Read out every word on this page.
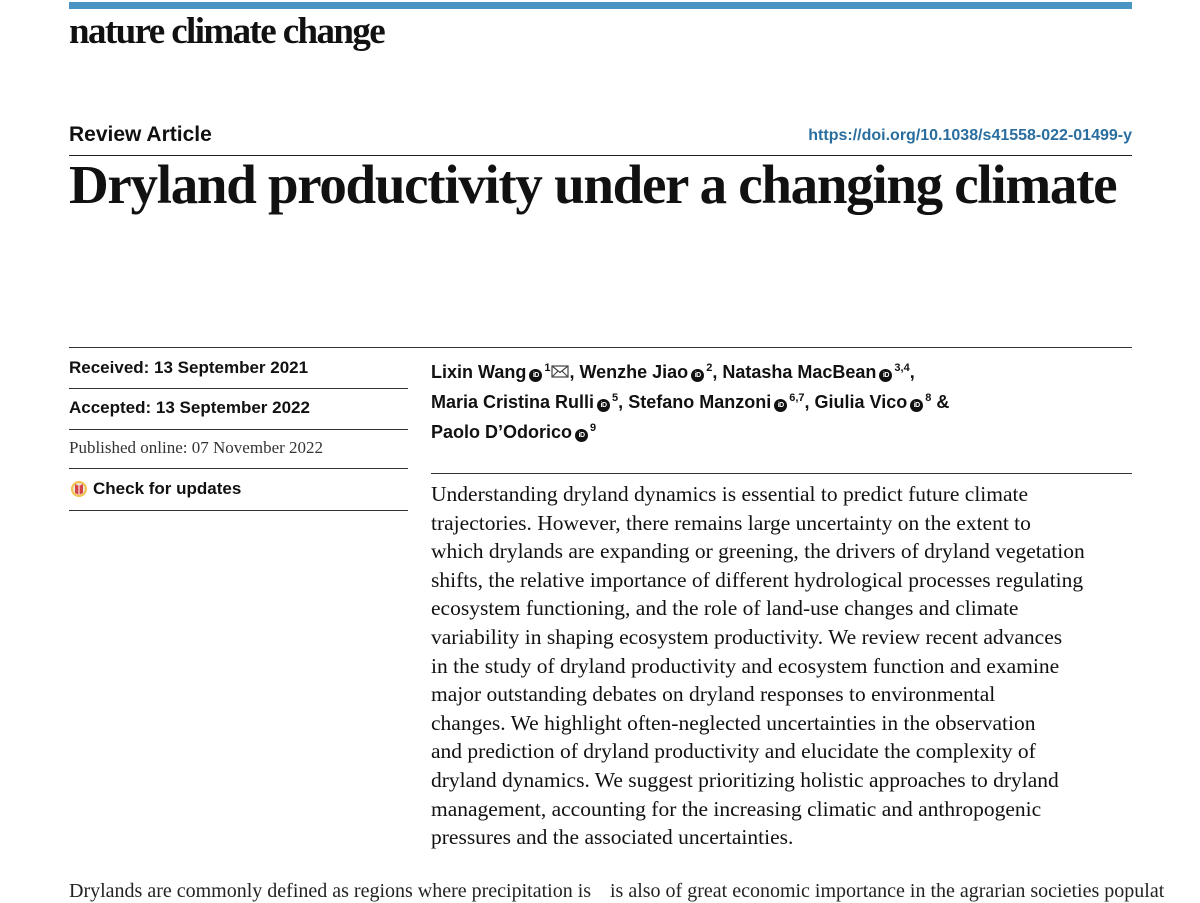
nature climate change
Review Article	https://doi.org/10.1038/s41558-022-01499-y
Dryland productivity under a changing climate
Received: 13 September 2021
Accepted: 13 September 2022
Published online: 07 November 2022
Check for updates
Lixin Wang iD$^1$ , Wenzhe Jiao iD$^2$, Natasha MacBean iD$^{3,4}$,
Maria Cristina Rulli iD$^5$, Stefano Manzoni iD$^{6,7}$, Giulia Vico iD$^8$ &
Paolo D’Odorico iD$^9$
Understanding dryland dynamics is essential to predict future climate
trajectories. However, there remains large uncertainty on the extent to
which drylands are expanding or greening, the drivers of dryland vegetation
shifts, the relative importance of different hydrological processes regulating
ecosystem functioning, and the role of land-use changes and climate
variability in shaping ecosystem productivity. We review recent advances
in the study of dryland productivity and ecosystem function and examine
major outstanding debates on dryland responses to environmental
changes. We highlight often-neglected uncertainties in the observation
and prediction of dryland productivity and elucidate the complexity of
dryland dynamics. We suggest prioritizing holistic approaches to dryland
management, accounting for the increasing climatic and anthropogenic
pressures and the associated uncertainties.
Drylands are commonly defined as regions where precipitation is is also of great economic importance in the agrarian societies populat
